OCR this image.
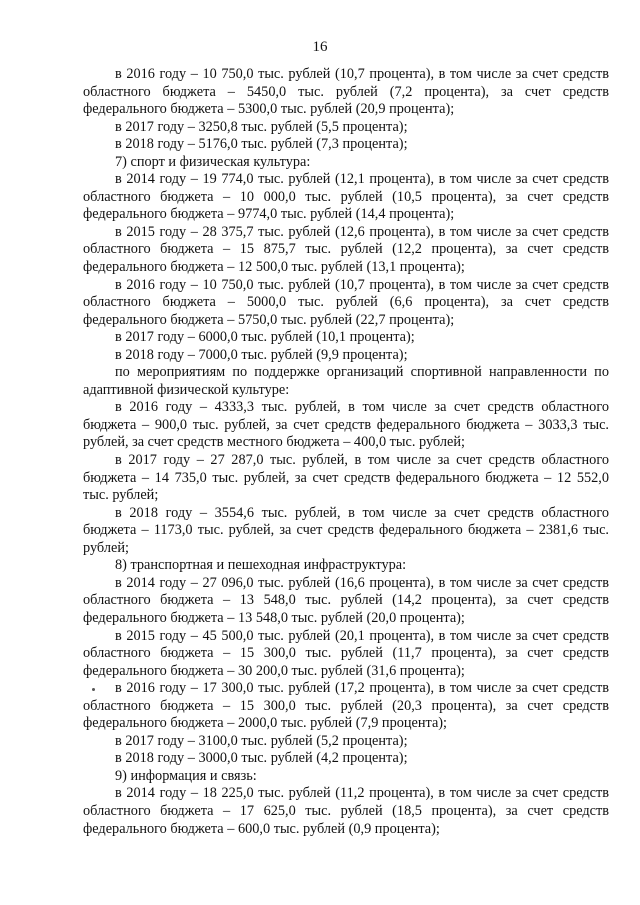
16

в 2016 году – 10 750,0 тыс. рублей (10,7 процента), в том числе за счет средств областного бюджета – 5450,0 тыс. рублей (7,2 процента), за счет средств федерального бюджета – 5300,0 тыс. рублей (20,9 процента);

в 2017 году – 3250,8 тыс. рублей (5,5 процента);

в 2018 году – 5176,0 тыс. рублей (7,3 процента);

7) спорт и физическая культура:

в 2014 году – 19 774,0 тыс. рублей (12,1 процента), в том числе за счет средств областного бюджета – 10 000,0 тыс. рублей (10,5 процента), за счет средств федерального бюджета – 9774,0 тыс. рублей (14,4 процента);

в 2015 году – 28 375,7 тыс. рублей (12,6 процента), в том числе за счет средств областного бюджета – 15 875,7 тыс. рублей (12,2 процента), за счет средств федерального бюджета – 12 500,0 тыс. рублей (13,1 процента);

в 2016 году – 10 750,0 тыс. рублей (10,7 процента), в том числе за счет средств областного бюджета – 5000,0 тыс. рублей (6,6 процента), за счет средств федерального бюджета – 5750,0 тыс. рублей (22,7 процента);

в 2017 году – 6000,0 тыс. рублей (10,1 процента);

в 2018 году – 7000,0 тыс. рублей (9,9 процента);

по мероприятиям по поддержке организаций спортивной направленности по адаптивной физической культуре:

в 2016 году – 4333,3 тыс. рублей, в том числе за счет средств областного бюджета – 900,0 тыс. рублей, за счет средств федерального бюджета – 3033,3 тыс. рублей, за счет средств местного бюджета – 400,0 тыс. рублей;

в 2017 году – 27 287,0 тыс. рублей, в том числе за счет средств областного бюджета – 14 735,0 тыс. рублей, за счет средств федерального бюджета – 12 552,0 тыс. рублей;

в 2018 году – 3554,6 тыс. рублей, в том числе за счет средств областного бюджета – 1173,0 тыс. рублей, за счет средств федерального бюджета – 2381,6 тыс. рублей;

8) транспортная и пешеходная инфраструктура:

в 2014 году – 27 096,0 тыс. рублей (16,6 процента), в том числе за счет средств областного бюджета – 13 548,0 тыс. рублей (14,2 процента), за счет средств федерального бюджета – 13 548,0 тыс. рублей (20,0 процента);

в 2015 году – 45 500,0 тыс. рублей (20,1 процента), в том числе за счет средств областного бюджета – 15 300,0 тыс. рублей (11,7 процента), за счет средств федерального бюджета – 30 200,0 тыс. рублей (31,6 процента);

в 2016 году – 17 300,0 тыс. рублей (17,2 процента), в том числе за счет средств областного бюджета – 15 300,0 тыс. рублей (20,3 процента), за счет средств федерального бюджета – 2000,0 тыс. рублей (7,9 процента);

в 2017 году – 3100,0 тыс. рублей (5,2 процента);

в 2018 году – 3000,0 тыс. рублей (4,2 процента);

9) информация и связь:

в 2014 году – 18 225,0 тыс. рублей (11,2 процента), в том числе за счет средств областного бюджета – 17 625,0 тыс. рублей (18,5 процента), за счет средств федерального бюджета – 600,0 тыс. рублей (0,9 процента);
